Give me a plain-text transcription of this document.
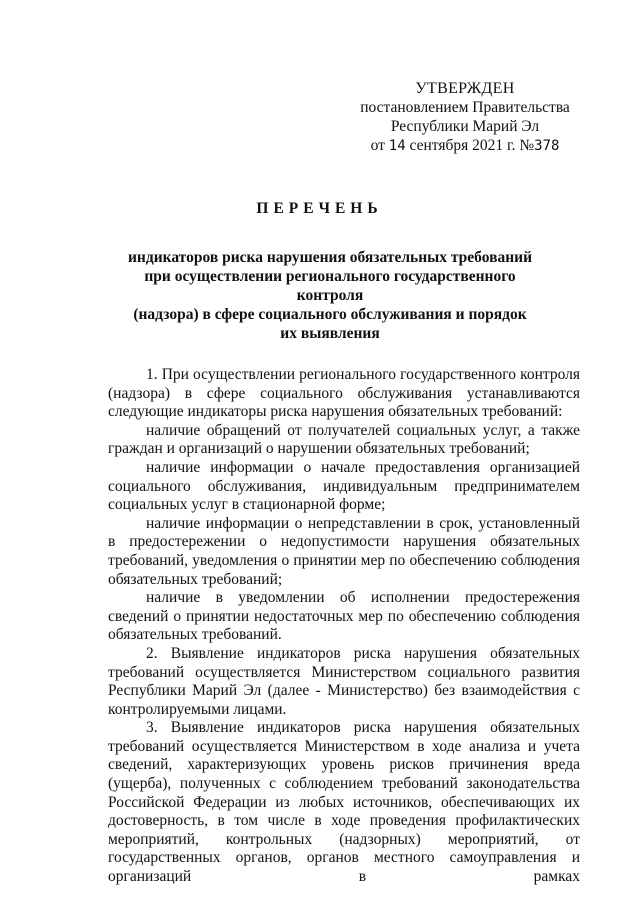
УТВЕРЖДЕН
постановлением Правительства
Республики Марий Эл
от 14 сентября 2021 г. №378
ПЕРЕЧЕНЬ
индикаторов риска нарушения обязательных требований
при осуществлении регионального государственного контроля
(надзора) в сфере социального обслуживания и порядок
их выявления

1. При осуществлении регионального государственного контроля (надзора) в сфере социального обслуживания устанавливаются следующие индикаторы риска нарушения обязательных требований:

наличие обращений от получателей социальных услуг, а также граждан и организаций о нарушении обязательных требований;

наличие информации о начале предоставления организацией социального обслуживания, индивидуальным предпринимателем социальных услуг в стационарной форме;

наличие информации о непредставлении в срок, установленный в предостережении о недопустимости нарушения обязательных требований, уведомления о принятии мер по обеспечению соблюдения обязательных требований;

наличие в уведомлении об исполнении предостережения сведений о принятии недостаточных мер по обеспечению соблюдения обязательных требований.

2. Выявление индикаторов риска нарушения обязательных требований осуществляется Министерством социального развития Республики Марий Эл (далее - Министерство) без взаимодействия с контролируемыми лицами.

3. Выявление индикаторов риска нарушения обязательных требований осуществляется Министерством в ходе анализа и учета сведений, характеризующих уровень рисков причинения вреда (ущерба), полученных с соблюдением требований законодательства Российской Федерации из любых источников, обеспечивающих их достоверность, в том числе в ходе проведения профилактических мероприятий, контрольных (надзорных) мероприятий, от государственных органов, органов местного самоуправления и организаций в рамках
